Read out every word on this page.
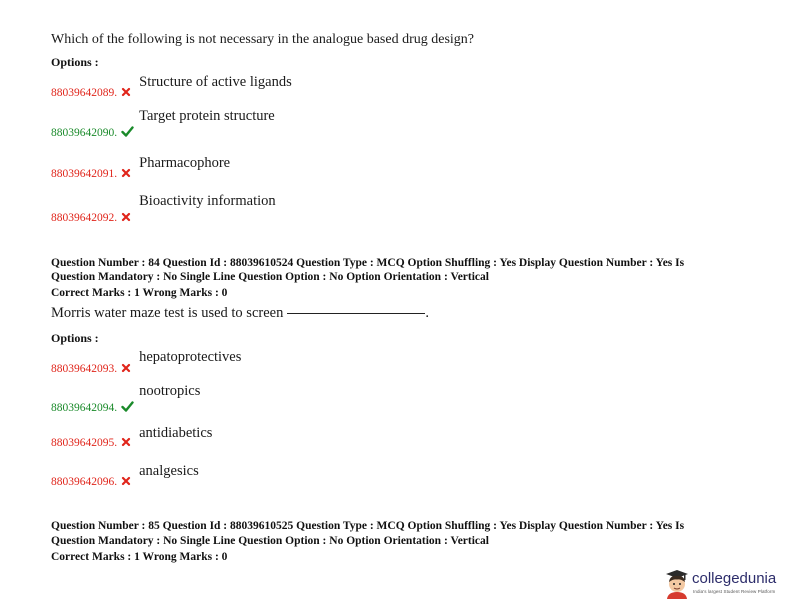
Which of the following is not necessary in the analogue based drug design?
Options :
88039642089.
Structure of active ligands
88039642090.
Target protein structure
88039642091.
Pharmacophore
88039642092.
Bioactivity information
Question Number : 84 Question Id : 88039610524 Question Type : MCQ Option Shuffling : Yes Display Question Number : Yes Is
Question Mandatory : No Single Line Question Option : No Option Orientation : Vertical
Correct Marks : 1 Wrong Marks : 0
Morris water maze test is used to screen	.
Options :
88039642093.
hepatoprotectives
88039642094.
nootropics
88039642095.
antidiabetics
88039642096.
analgesics
Question Number : 85 Question Id : 88039610525 Question Type : MCQ Option Shuffling : Yes Display Question Number : Yes Is
Question Mandatory : No Single Line Question Option : No Option Orientation : Vertical
Correct Marks : 1 Wrong Marks : 0
collegedunia
India's largest Student Review Platform
